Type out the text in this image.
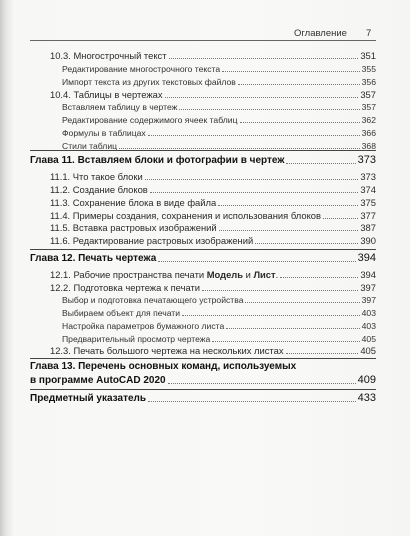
Оглавление 7
10.3. Многострочный текст	351
Редактирование многострочного текста	355
Импорт текста из других текстовых файлов	356
10.4. Таблицы в чертежах	357
Вставляем таблицу в чертеж	357
Редактирование содержимого ячеек таблиц	362
Формулы в таблицах	366
Стили таблиц	368
Глава 11. Вставляем блоки и фотографии в чертеж	373
11.1. Что такое блоки	373
11.2. Создание блоков	374
11.3. Сохранение блока в виде файла	375
11.4. Примеры создания, сохранения и использования блоков	377
11.5. Вставка растровых изображений	387
11.6. Редактирование растровых изображений	390
Глава 12. Печать чертежа	394
12.1. Рабочие пространства печати Модель и Лист.	394
12.2. Подготовка чертежа к печати	397
Выбор и подготовка печатающего устройства	397
Выбираем объект для печати	403
Настройка параметров бумажного листа	403
Предварительный просмотр чертежа	405
12.3. Печать большого чертежа на нескольких листах	405
Глава 13. Перечень основных команд, используемых
в программе AutoCAD 2020	409
Предметный указатель	433
